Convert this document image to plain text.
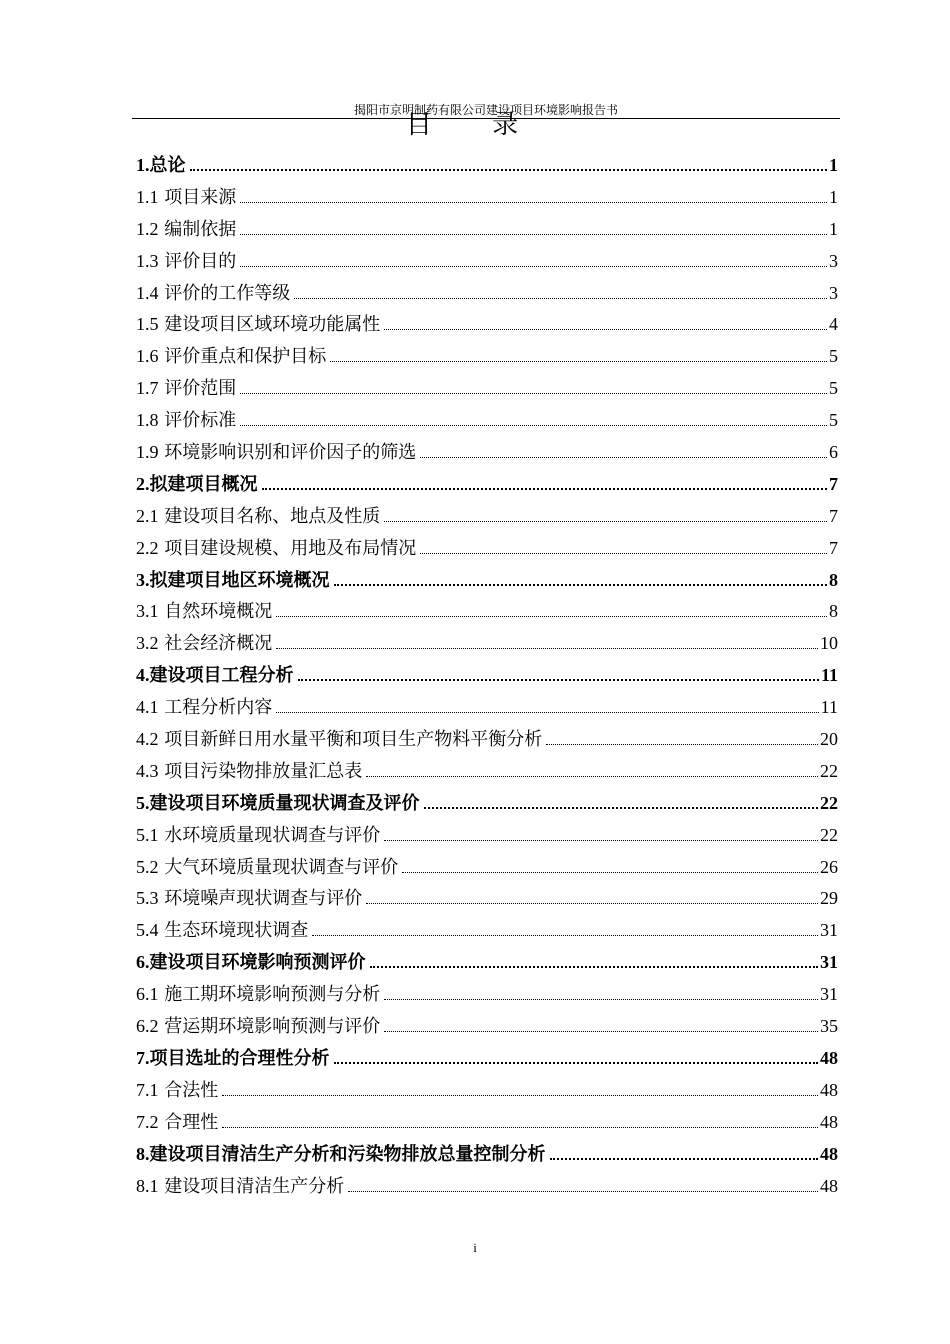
揭阳市京明制药有限公司建设项目环境影响报告书
目 录
1.总论	1
1.1 项目来源	1
1.2 编制依据	1
1.3 评价目的	3
1.4 评价的工作等级	3
1.5 建设项目区域环境功能属性	4
1.6 评价重点和保护目标	5
1.7 评价范围	5
1.8 评价标准	5
1.9 环境影响识别和评价因子的筛选	6
2.拟建项目概况	7
2.1 建设项目名称、地点及性质	7
2.2 项目建设规模、用地及布局情况	7
3.拟建项目地区环境概况	8
3.1 自然环境概况	8
3.2 社会经济概况	10
4.建设项目工程分析	11
4.1 工程分析内容	11
4.2 项目新鲜日用水量平衡和项目生产物料平衡分析	20
4.3 项目污染物排放量汇总表	22
5.建设项目环境质量现状调查及评价	22
5.1 水环境质量现状调查与评价	22
5.2 大气环境质量现状调查与评价	26
5.3 环境噪声现状调查与评价	29
5.4 生态环境现状调查	31
6.建设项目环境影响预测评价	31
6.1 施工期环境影响预测与分析	31
6.2 营运期环境影响预测与评价	35
7.项目选址的合理性分析	48
7.1 合法性	48
7.2 合理性	48
8.建设项目清洁生产分析和污染物排放总量控制分析	48
8.1 建设项目清洁生产分析	48
i
